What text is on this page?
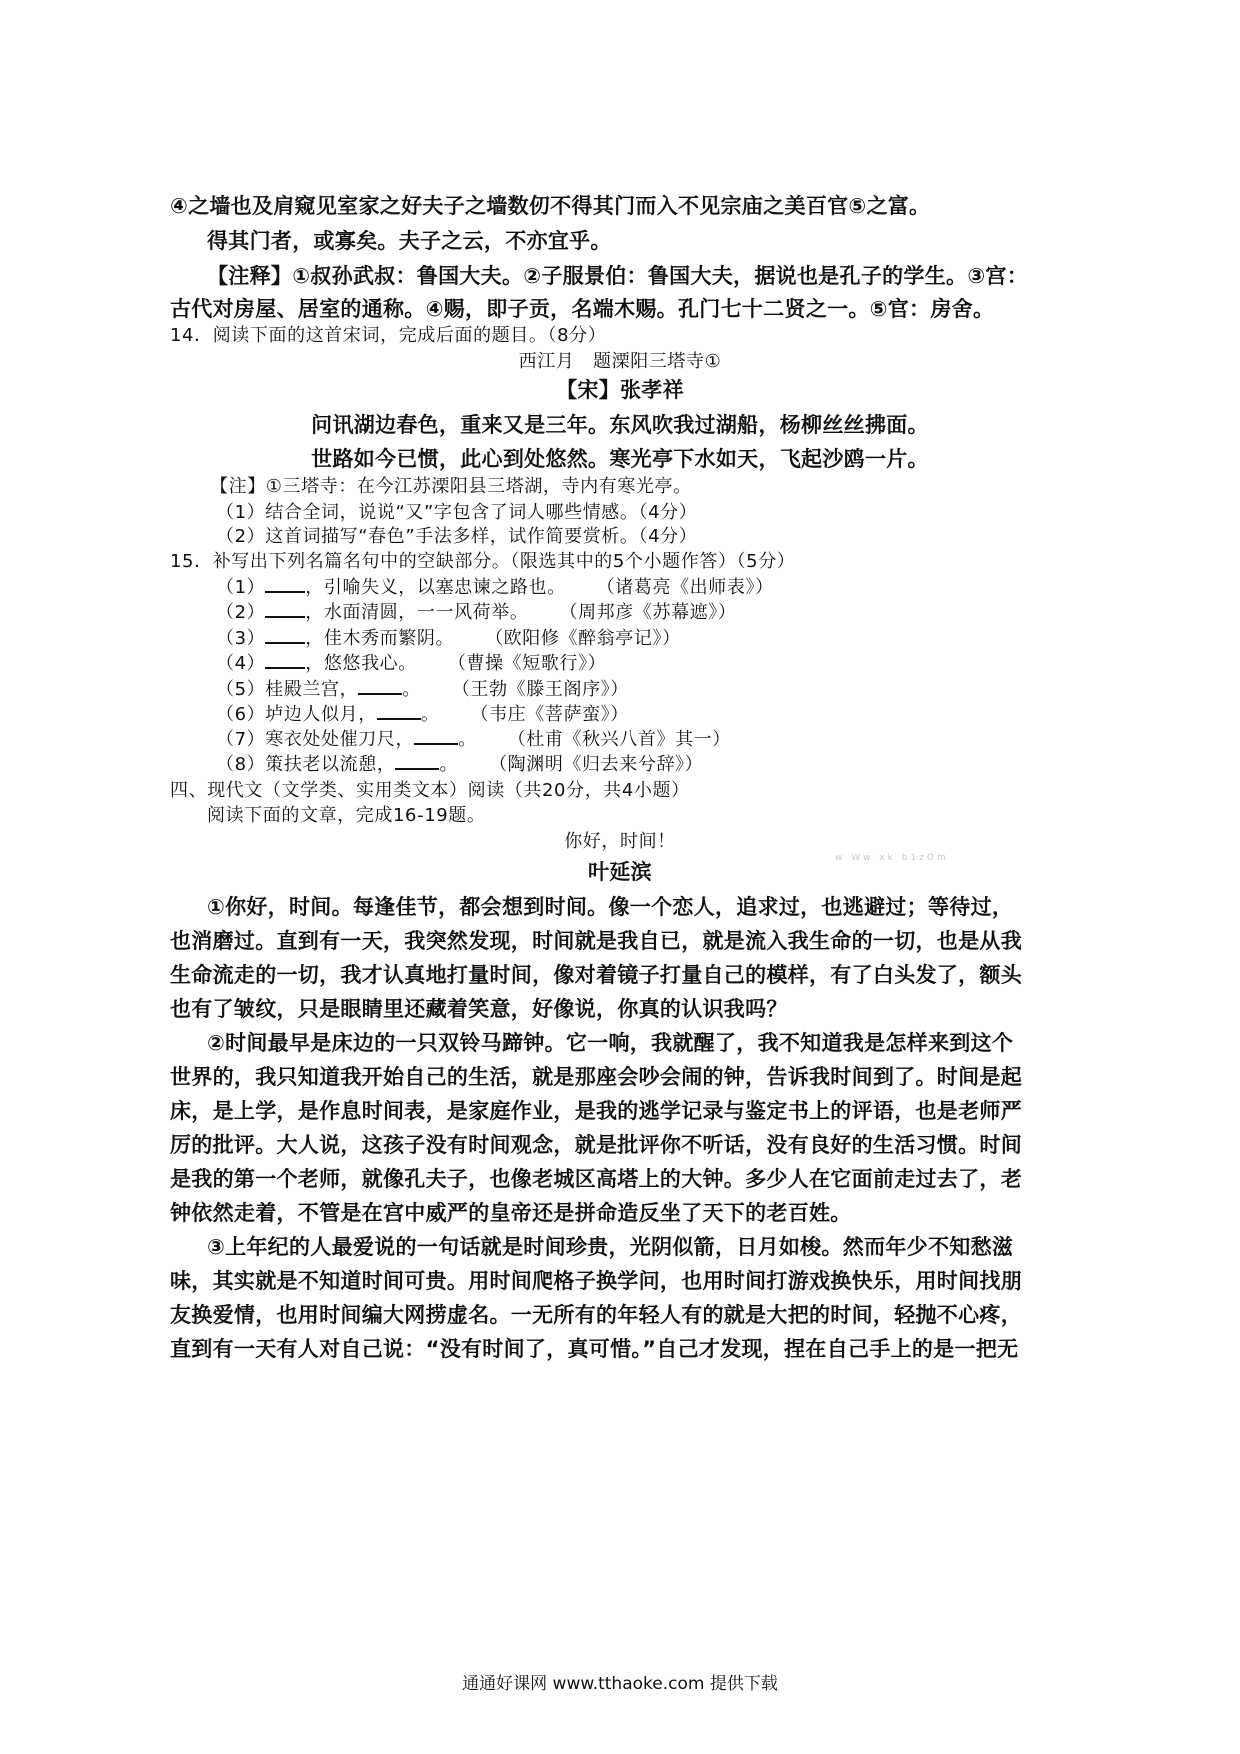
④之墙也及肩窥见室家之好夫子之墙数仞不得其门而入不见宗庙之美百官⑤之富。

得其门者，或寡矣。夫子之云，不亦宜乎。

【注释】①叔孙武叔：鲁国大夫。②子服景伯：鲁国大夫，据说也是孔子的学生。③宫：

古代对房屋、居室的通称。④赐，即子贡，名端木赐。孔门七十二贤之一。⑤官：房舍。

14．阅读下面的这首宋词，完成后面的题目。（8分）

西江月　题溧阳三塔寺①

【宋】张孝祥

问讯湖边春色，重来又是三年。东风吹我过湖船，杨柳丝丝拂面。

世路如今已惯，此心到处悠然。寒光亭下水如天，飞起沙鸥一片。

【注】①三塔寺：在今江苏溧阳县三塔湖，寺内有寒光亭。

（1）结合全词，说说“又”字包含了词人哪些情感。（4分）

（2）这首词描写“春色”手法多样，试作简要赏析。（4分）

15．补写出下列名篇名句中的空缺部分。（限选其中的5个小题作答）（5分）

（1） ，引喻失义，以塞忠谏之路也。 （诸葛亮《出师表》）

（2） ，水面清圆，一一风荷举。 （周邦彦《苏幕遮》）

（3） ，佳木秀而繁阴。 （欧阳修《醉翁亭记》）

（4） ，悠悠我心。 （曹操《短歌行》）

（5）桂殿兰宫， 。 （王勃《滕王阁序》）

（6）垆边人似月， 。 （韦庄《菩萨蛮》）

（7）寒衣处处催刀尺， 。 （杜甫《秋兴八首》其一）

（8）策扶老以流憩， 。 （陶渊明《归去来兮辞》）

w Ww xk b1zOm

四、现代文（文学类、实用类文本）阅读（共20分，共4小题）

阅读下面的文章，完成16-19题。

你好，时间！

叶延滨

①你好，时间。每逢佳节，都会想到时间。像一个恋人，追求过，也逃避过；等待过，

也消磨过。直到有一天，我突然发现，时间就是我自已，就是流入我生命的一切，也是从我

生命流走的一切，我才认真地打量时间，像对着镜子打量自己的模样，有了白头发了，额头

也有了皱纹，只是眼睛里还藏着笑意，好像说，你真的认识我吗？

②时间最早是床边的一只双铃马蹄钟。它一响，我就醒了，我不知道我是怎样来到这个

世界的，我只知道我开始自己的生活，就是那座会吵会闹的钟，告诉我时间到了。时间是起

床，是上学，是作息时间表，是家庭作业，是我的逃学记录与鉴定书上的评语，也是老师严

厉的批评。大人说，这孩子没有时间观念，就是批评你不听话，没有良好的生活习惯。时间

是我的第一个老师，就像孔夫子，也像老城区高塔上的大钟。多少人在它面前走过去了，老

钟依然走着，不管是在宫中威严的皇帝还是拼命造反坐了天下的老百姓。

③上年纪的人最爱说的一句话就是时间珍贵，光阴似箭，日月如梭。然而年少不知愁滋

味，其实就是不知道时间可贵。用时间爬格子换学问，也用时间打游戏换快乐，用时间找朋

友换爱情，也用时间编大网捞虚名。一无所有的年轻人有的就是大把的时间，轻抛不心疼，

直到有一天有人对自己说：“没有时间了，真可惜。”自己才发现，捏在自己手上的是一把无

通通好课网 www.tthaoke.com 提供下载
